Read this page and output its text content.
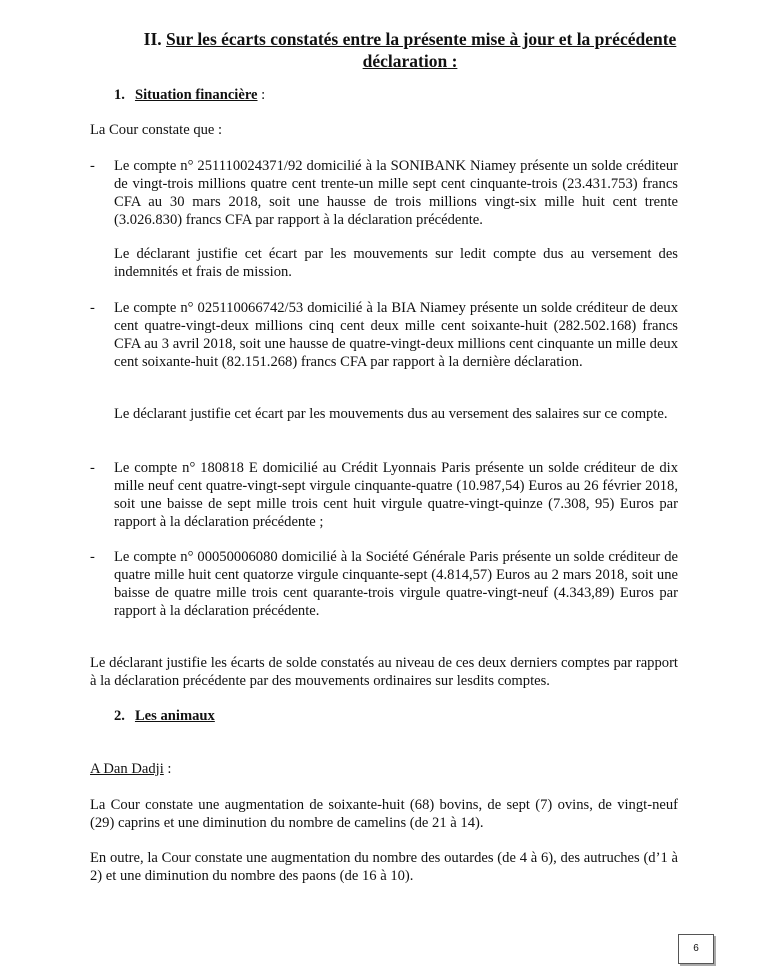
II. Sur les écarts constatés entre la présente mise à jour et la précédente
déclaration :
1. Situation financière :
La Cour constate que :
- Le compte n° 251110024371/92 domicilié à la SONIBANK Niamey présente un solde créditeur de vingt-trois millions quatre cent trente-un mille sept cent cinquante-trois (23.431.753) francs CFA au 30 mars 2018, soit une hausse de trois millions vingt-six mille huit cent trente (3.026.830) francs CFA par rapport à la déclaration précédente.
Le déclarant justifie cet écart par les mouvements sur ledit compte dus au versement des indemnités et frais de mission.
- Le compte n° 025110066742/53 domicilié à la BIA Niamey présente un solde créditeur de deux cent quatre-vingt-deux millions cinq cent deux mille cent soixante-huit (282.502.168) francs CFA au 3 avril 2018, soit une hausse de quatre-vingt-deux millions cent cinquante un mille deux cent soixante-huit (82.151.268) francs CFA par rapport à la dernière déclaration.
Le déclarant justifie cet écart par les mouvements dus au versement des salaires sur ce compte.
- Le compte n° 180818 E domicilié au Crédit Lyonnais Paris présente un solde créditeur de dix mille neuf cent quatre-vingt-sept virgule cinquante-quatre (10.987,54) Euros au 26 février 2018, soit une baisse de sept mille trois cent huit virgule quatre-vingt-quinze (7.308, 95) Euros par rapport à la déclaration précédente ;
- Le compte n° 00050006080 domicilié à la Société Générale Paris présente un solde créditeur de quatre mille huit cent quatorze virgule cinquante-sept (4.814,57) Euros au 2 mars 2018, soit une baisse de quatre mille trois cent quarante-trois virgule quatre-vingt-neuf (4.343,89) Euros par rapport à la déclaration précédente.
Le déclarant justifie les écarts de solde constatés au niveau de ces deux derniers comptes par rapport à la déclaration précédente par des mouvements ordinaires sur lesdits comptes.
2. Les animaux
A Dan Dadji :
La Cour constate une augmentation de soixante-huit (68) bovins, de sept (7) ovins, de vingt-neuf (29) caprins et une diminution du nombre de camelins (de 21 à 14).
En outre, la Cour constate une augmentation du nombre des outardes (de 4 à 6), des autruches (d’1 à 2) et une diminution du nombre des paons (de 16 à 10).
6
